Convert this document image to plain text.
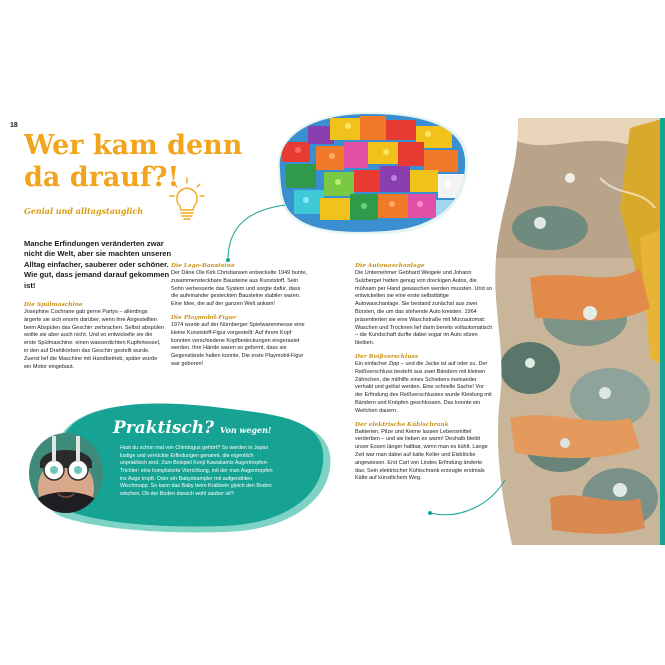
18
Wer kam denn da drauf?!
Genial und alltagstauglich

Manche Erfindungen veränderten zwar nicht die Welt, aber sie machten unseren Alltag einfacher, sauberer oder schöner. Wie gut, dass jemand darauf gekommen ist!

Die Spülmaschine

Josephine Cochrane gab gerne Partys – allerdings ärgerte sie sich enorm darüber, wenn ihre Angestellten beim Abspülen das Geschirr zerbrachen. Selbst abspülen wollte sie aber auch nicht. Und so entwickelte sie die erste Spülmaschine: einen wasserdichten Kupferkessel, in den auf Drahtkörben das Geschirr gestellt wurde. Zuerst lief die Maschine mit Handbetrieb, später wurde ein Motor eingebaut.

Die Lego-Bausteine

Der Däne Ole Kirk Christiansen entwickelte 1949 bunte, zusammensteckbare Bausteine aus Kunststoff. Sein Sohn verbesserte das System und sorgte dafür, dass die aufeinander gesteckten Bausteine stabiler waren. Eine Idee, die auf der ganzen Welt ankam!

Die Playmobil-Figur

1974 wurde auf der Nürnberger Spielwarenmesse eine kleine Kunststoff-Figur vorgestellt: Auf ihrem Kopf konnten verschiedene Kopfbedeckungen eingerastet werden. Ihre Hände waren so geformt, dass sie Gegenstände halten konnte. Die erste Playmobil-Figur war geboren!

Die Autowaschanlage

Die Unternehmer Gebhard Weigele und Johann Sulzberger hatten genug von dreckigen Autos, die mühsam per Hand gewaschen werden mussten. Und so entwickelten sie eine erste selbsttätige Autowaschanlage. Sie bestand zunächst aus zwei Bürsten, die um das stehende Auto kreisten. 1964 präsentierten sie eine Waschstraße mit Mürzautomat: Waschen und Trocknen lief darin bereits vollautomatisch – die Kundschaft durfte dabei sogar im Auto sitzen bleiben.

Der Reißverschluss

Ein einfacher Zipp – und die Jacke ist auf oder zu. Der Reißverschluss besteht aus zwei Bändern mit kleinen Zähnchen, die mithilfe eines Schiebers ineinander verhakt und gelöst werden. Eine schnelle Sache! Vor der Erfindung des Reißverschlusses wurde Kleidung mit Bändern und Knöpfen geschlossen. Das konnte ein Weilchen dauern.

Der elektrische Kühlschrank

Bakterien, Pilze und Keime lassen Lebensmittel verderben – und sie lieben es warm! Deshalb bleibt unser Essen länger haltbar, wenn man es kühlt. Lange Zeit war man dabei auf kalte Keller und Eisblöcke angewiesen. Erst Carl von Lindes Erfindung änderte das: Sein elektrischer Kühlschrank erzeugte erstmals Kälte auf künstlichem Weg.

Praktisch? Von wegen!

Hast du schon mal von Chindogus gehört? So werden in Japan lustige und verrückte Erfindungen genannt, die eigentlich unpraktisch sind. Zum Beispiel Kenji Kawakamis Augentropfen-Trichter: eine komplizierte Vorrichtung, mit der man Augentropfen ins Auge tropft. Oder ein Babystrampler mit aufgenähten Wischmopp. So kann das Baby beim Krabbeln gleich den Boden wischen. Ob der Boden danach wohl sauber ist?
